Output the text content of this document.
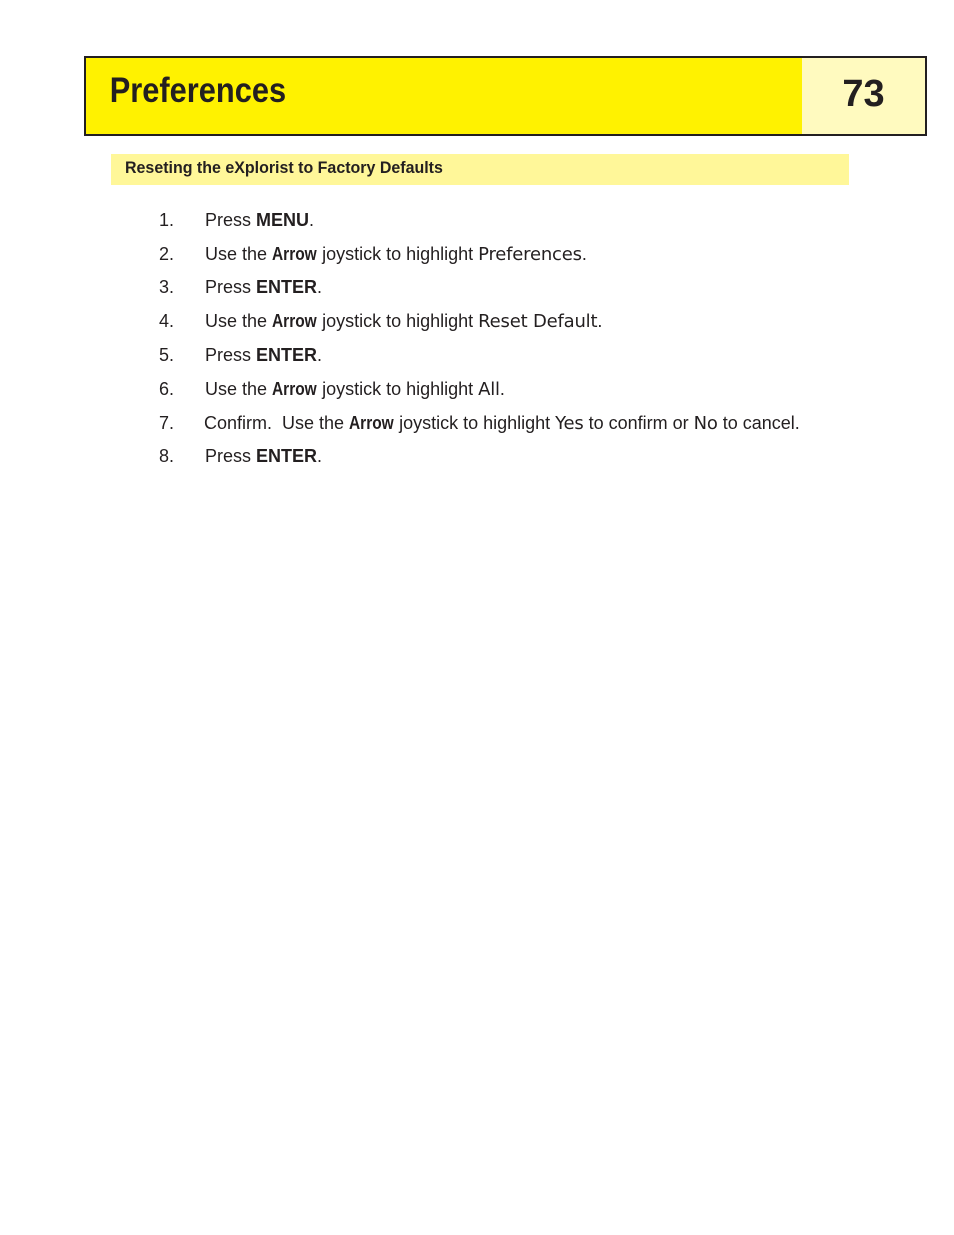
Preferences	73
Reseting the eXplorist to Factory Defaults
1. Press MENU.
2. Use the Arrow joystick to highlight Preferences.
3. Press ENTER.
4. Use the Arrow joystick to highlight Reset Default.
5. Press ENTER.
6. Use the Arrow joystick to highlight All.
7. Confirm.  Use the Arrow joystick to highlight Yes to confirm or No to cancel.
8. Press ENTER.
